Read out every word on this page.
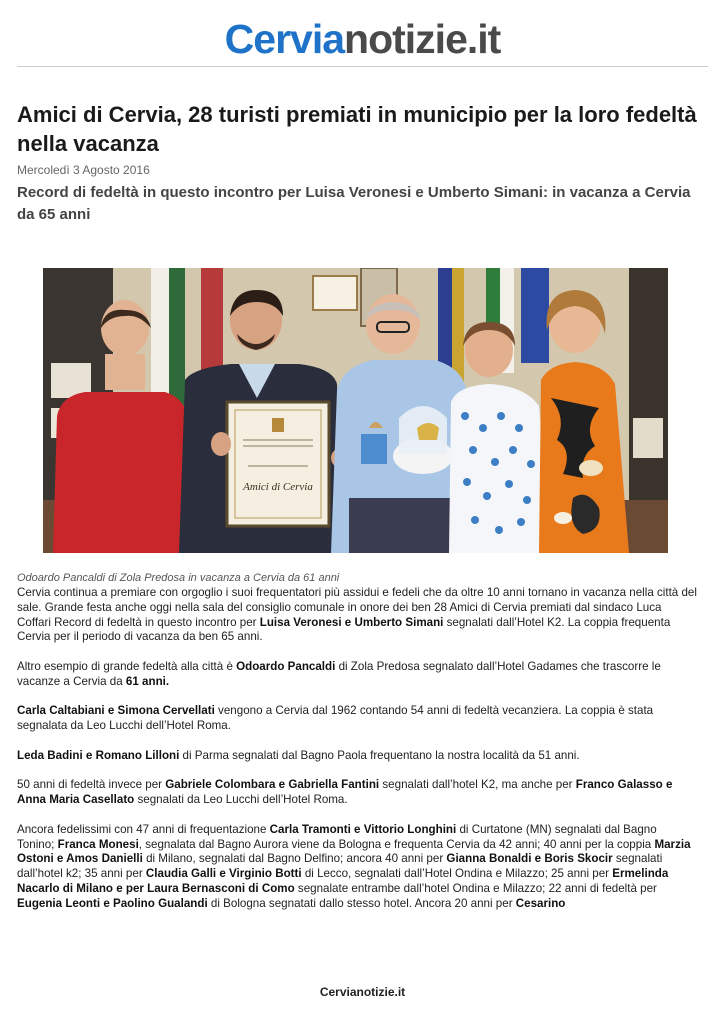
Cervianotizie.it
Amici di Cervia, 28 turisti premiati in municipio per la loro fedeltà nella vacanza
Mercoledì 3 Agosto 2016
Record di fedeltà in questo incontro per Luisa Veronesi e Umberto Simani: in vacanza a Cervia da 65 anni
Amici di Cervia
Odoardo Pancaldi di Zola Predosa in vacanza a Cervia da 61 anni

Cervia continua a premiare con orgoglio i suoi frequentatori più assidui e fedeli che da oltre 10 anni tornano in vacanza nella città del sale. Grande festa anche oggi nella sala del consiglio comunale in onore dei ben 28 Amici di Cervia premiati dal sindaco Luca Coffari Record di fedeltà in questo incontro per Luisa Veronesi e Umberto Simani segnalati dall’Hotel K2. La coppia frequenta Cervia per il periodo di vacanza da ben 65 anni.

Altro esempio di grande fedeltà alla città è Odoardo Pancaldi di Zola Predosa segnalato dall’Hotel Gadames che trascorre le vacanze a Cervia da 61 anni.

Carla Caltabiani e Simona Cervellati vengono a Cervia dal 1962 contando 54 anni di fedeltà vecanziera. La coppia è stata segnalata da Leo Lucchi dell’Hotel Roma.

Leda Badini e Romano Lilloni di Parma segnalati dal Bagno Paola frequentano la nostra località da 51 anni.

50 anni di fedeltà invece per Gabriele Colombara e Gabriella Fantini segnalati dall’hotel K2, ma anche per Franco Galasso e Anna Maria Casellato segnalati da Leo Lucchi dell’Hotel Roma.

Ancora fedelissimi con 47 anni di frequentazione Carla Tramonti e Vittorio Longhini di Curtatone (MN) segnalati dal Bagno Tonino; Franca Monesi, segnalata dal Bagno Aurora viene da Bologna e frequenta Cervia da 42 anni; 40 anni per la coppia Marzia Ostoni e Amos Danielli di Milano, segnalati dal Bagno Delfino; ancora 40 anni per Gianna Bonaldi e Boris Skocir segnalati dall’hotel k2; 35 anni per Claudia Galli e Virginio Botti di Lecco, segnalati dall’Hotel Ondina e Milazzo; 25 anni per Ermelinda Nacarlo di Milano e per Laura Bernasconi di Como segnalate entrambe dall’hotel Ondina e Milazzo; 22 anni di fedeltà per Eugenia Leonti e Paolino Gualandi di Bologna segnatati dallo stesso hotel. Ancora 20 anni per Cesarino

Cervianotizie.it
